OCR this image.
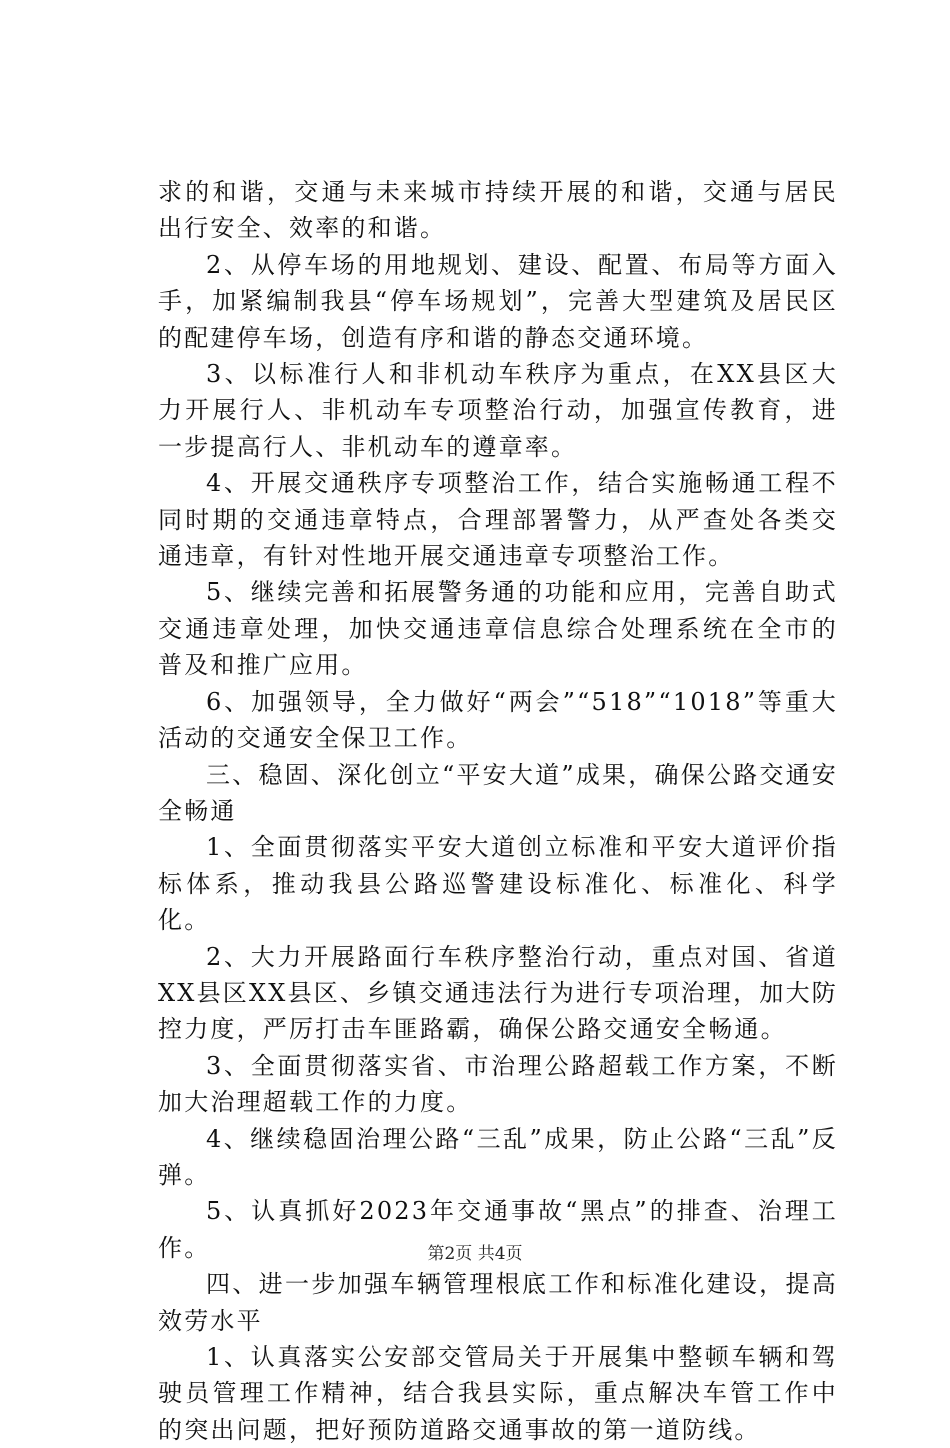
求的和谐，交通与未来城市持续开展的和谐，交通与居民出行安全、效率的和谐。

2、从停车场的用地规划、建设、配置、布局等方面入手，加紧编制我县“停车场规划”，完善大型建筑及居民区的配建停车场，创造有序和谐的静态交通环境。

3、以标准行人和非机动车秩序为重点，在XX县区大力开展行人、非机动车专项整治行动，加强宣传教育，进一步提高行人、非机动车的遵章率。

4、开展交通秩序专项整治工作，结合实施畅通工程不同时期的交通违章特点，合理部署警力，从严查处各类交通违章，有针对性地开展交通违章专项整治工作。

5、继续完善和拓展警务通的功能和应用，完善自助式交通违章处理，加快交通违章信息综合处理系统在全市的普及和推广应用。

6、加强领导，全力做好“两会”“518”“1018”等重大活动的交通安全保卫工作。

三、稳固、深化创立“平安大道”成果，确保公路交通安全畅通

1、全面贯彻落实平安大道创立标准和平安大道评价指标体系，推动我县公路巡警建设标准化、标准化、科学化。

2、大力开展路面行车秩序整治行动，重点对国、省道XX县区XX县区、乡镇交通违法行为进行专项治理，加大防控力度，严厉打击车匪路霸，确保公路交通安全畅通。

3、全面贯彻落实省、市治理公路超载工作方案，不断加大治理超载工作的力度。

4、继续稳固治理公路“三乱”成果，防止公路“三乱”反弹。

5、认真抓好2023年交通事故“黑点”的排查、治理工作。

四、进一步加强车辆管理根底工作和标准化建设，提高效劳水平

1、认真落实公安部交管局关于开展集中整顿车辆和驾驶员管理工作精神，结合我县实际，重点解决车管工作中的突出问题，把好预防道路交通事故的第一道防线。

第2页 共4页
